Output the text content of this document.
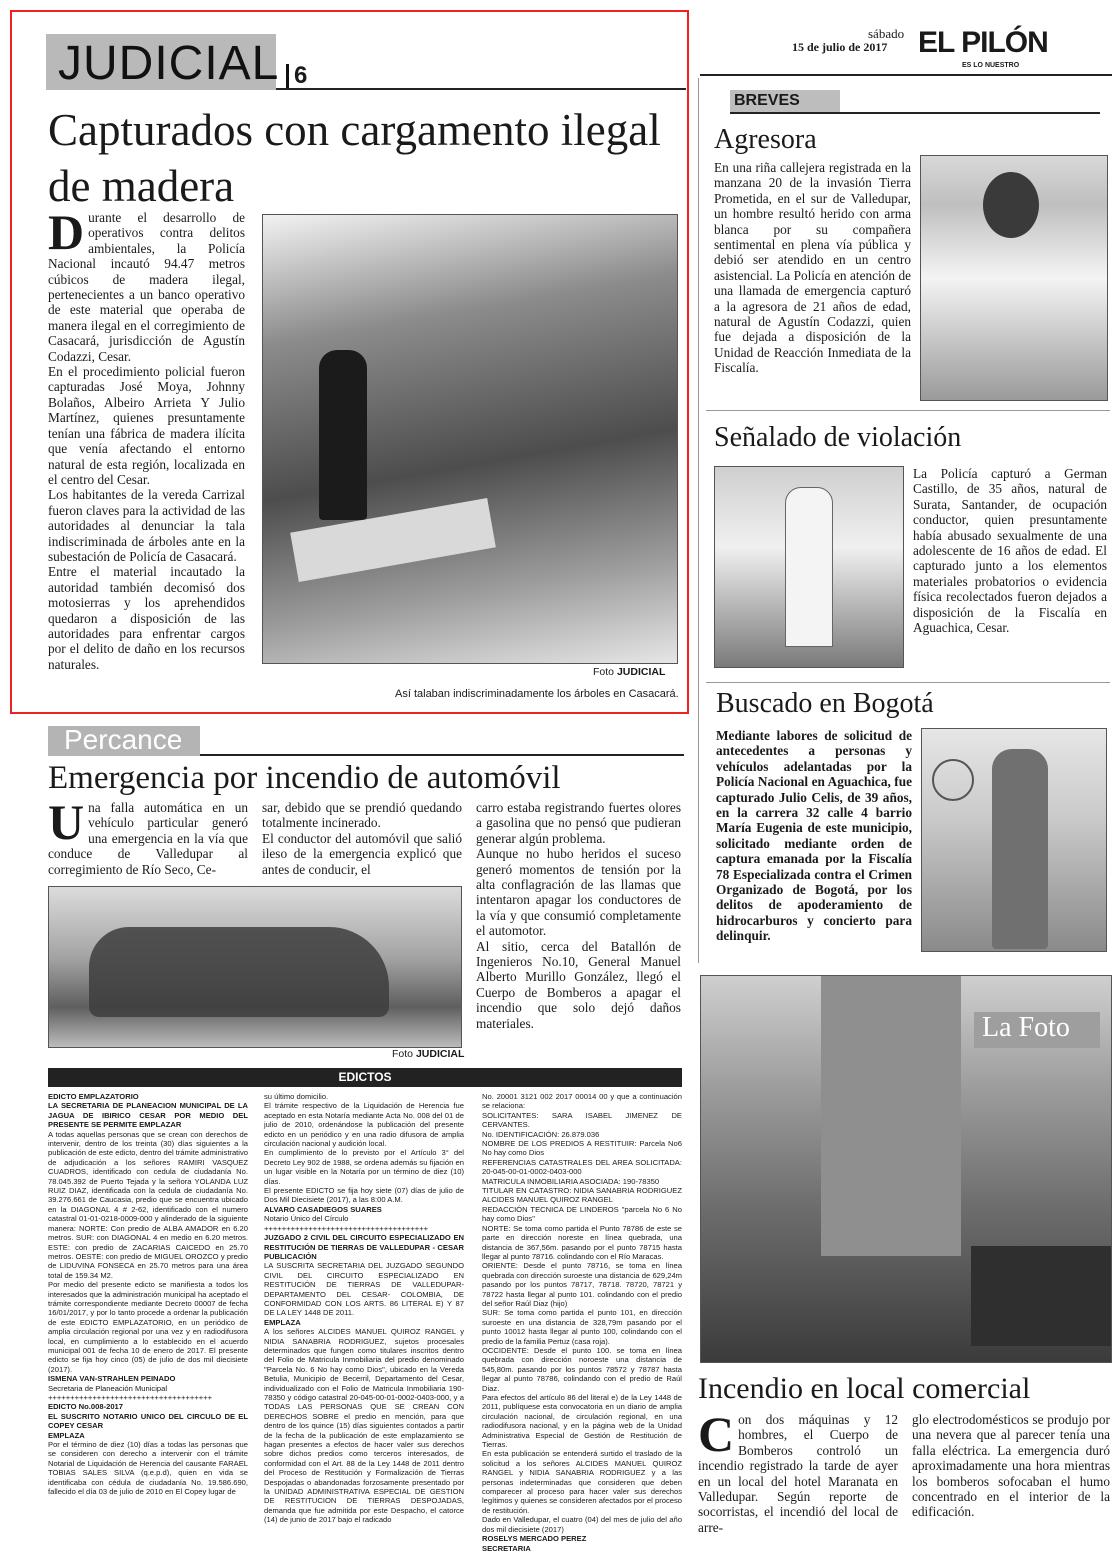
sábado
15 de julio de 2017 EL PILÓN
ES LO NUESTRO
JUDICIAL 6
Capturados con cargamento ilegal de madera

Durante el desarrollo de operativos contra delitos ambientales, la Policía Nacional incautó 94.47 metros cúbicos de madera ilegal, pertenecientes a un banco operativo de este material que operaba de manera ilegal en el corregimiento de Casacará, jurisdicción de Agustín Codazzi, Cesar.

En el procedimiento policial fueron capturadas José Moya, Johnny Bolaños, Albeiro Arrieta Y Julio Martínez, quienes presuntamente tenían una fábrica de madera ilícita que venía afectando el entorno natural de esta región, localizada en el centro del Cesar.

Los habitantes de la vereda Carrizal fueron claves para la actividad de las autoridades al denunciar la tala indiscriminada de árboles ante en la subestación de Policía de Casacará.

Entre el material incautado la autoridad también decomisó dos motosierras y los aprehendidos quedaron a disposición de las autoridades para enfrentar cargos por el delito de daño en los recursos naturales.

Foto JUDICIAL
Así talaban indiscriminadamente los árboles en Casacará.
BREVES
Agresora
En una riña callejera registrada en la manzana 20 de la invasión Tierra Prometida, en el sur de Valledupar, un hombre resultó herido con arma blanca por su compañera sentimental en plena vía pública y debió ser atendido en un centro asistencial. La Policía en atención de una llamada de emergencia capturó a la agresora de 21 años de edad, natural de Agustín Codazzi, quien fue dejada a disposición de la Unidad de Reacción Inmediata de la Fiscalía.
Señalado de violación
La Policía capturó a German Castillo, de 35 años, natural de Surata, Santander, de ocupación conductor, quien presuntamente había abusado sexualmente de una adolescente de 16 años de edad. El capturado junto a los elementos materiales probatorios o evidencia física recolectados fueron dejados a disposición de la Fiscalía en Aguachica, Cesar.
Buscado en Bogotá
Mediante labores de solicitud de antecedentes a personas y vehículos adelantadas por la Policía Nacional en Aguachica, fue capturado Julio Celis, de 39 años, en la carrera 32 calle 4 barrio María Eugenia de este municipio, solicitado mediante orden de captura emanada por la Fiscalía 78 Especializada contra el Crimen Organizado de Bogotá, por los delitos de apoderamiento de hidrocarburos y concierto para delinquir.
Percance
Emergencia por incendio de automóvil
Una falla automática en un vehículo particular generó una emergencia en la vía que conduce de Valledupar al corregimiento de Río Seco, Ce-

sar, debido que se prendió quedando totalmente incinerado.

El conductor del automóvil que salió ileso de la emergencia explicó que antes de conducir, el

carro estaba registrando fuertes olores a gasolina que no pensó que pudieran generar algún problema.

Aunque no hubo heridos el suceso generó momentos de tensión por la alta conflagración de las llamas que intentaron apagar los conductores de la vía y que consumió completamente el automotor.

Al sitio, cerca del Batallón de Ingenieros No.10, General Manuel Alberto Murillo González, llegó el Cuerpo de Bomberos a apagar el incendio que solo dejó daños materiales.

Foto JUDICIAL
EDICTOS

EDICTO EMPLAZATORIO

LA SECRETARIA DE PLANEACION MUNICIPAL DE LA JAGUA DE IBIRICO CESAR POR MEDIO DEL PRESENTE SE PERMITE EMPLAZAR

A todas aquellas personas que se crean con derechos de intervenir, dentro de los treinta (30) días siguientes a la publicación de este edicto, dentro del trámite administrativo de adjudicación a los señores RAMIRI VASQUEZ CUADROS, identificado con cedula de ciudadanía No. 78.045.392 de Puerto Tejada y la señora YOLANDA LUZ RUIZ DIAZ, identificada con la cedula de ciudadanía No. 39.276.661 de Caucasia, predio que se encuentra ubicado en la DIAGONAL 4 # 2-62, identificado con el numero catastral 01-01-0218-0009-000 y alinderado de la siguiente manera: NORTE: Con predio de ALBA AMADOR en 6.20 metros. SUR: con DIAGONAL 4 en medio en 6.20 metros. ESTE: con predio de ZACARIAS CAICEDO en 25.70 metros. OESTE: con predio de MIGUEL OROZCO y predio de LIDUVINA FONSECA en 25.70 metros para una área total de 159.34 M2.

Por medio del presente edicto se manifiesta a todos los interesados que la administración municipal ha aceptado el trámite correspondiente mediante Decreto 00007 de fecha 16/01/2017, y por lo tanto procede a ordenar la publicación de este EDICTO EMPLAZATORIO, en un periódico de amplia circulación regional por una vez y en radiodifusora local, en cumplimiento a lo establecido en el acuerdo municipal 001 de fecha 10 de enero de 2017. El presente edicto se fija hoy cinco (05) de julio de dos mil diecisiete (2017).

ISMENA VAN-STRAHLEN PEINADO

Secretaria de Planeación Municipal

+++++++++++++++++++++++++++++++++++++

EDICTO No.008-2017

EL SUSCRITO NOTARIO UNICO DEL CIRCULO DE EL COPEY CESAR

EMPLAZA

Por el término de diez (10) días a todas las personas que se consideren con derecho a intervenir con el trámite Notarial de Liquidación de Herencia del causante FARAEL TOBIAS SALES SILVA (q.e.p.d), quien en vida se identificaba con cédula de ciudadanía No. 19.586.690, fallecido el día 03 de julio de 2010 en El Copey lugar de

su último domicilio.

El trámite respectivo de la Liquidación de Herencia fue aceptado en esta Notaría mediante Acta No. 008 del 01 de julio de 2010, ordenándose la publicación del presente edicto en un periódico y en una radio difusora de amplia circulación nacional y audición local.

En cumplimiento de lo previsto por el Artículo 3° del Decreto Ley 902 de 1988, se ordena además su fijación en un lugar visible en la Notaría por un término de diez (10) días.

El presente EDICTO se fija hoy siete (07) días de julio de Dos Mil Diecisiete (2017), a las 8:00 A.M.

ALVARO CASADIEGOS SUARES

Notario Único del Círculo

+++++++++++++++++++++++++++++++++++++

JUZGADO 2 CIVIL DEL CIRCUITO ESPECIALIZADO EN RESTITUCIÓN DE TIERRAS DE VALLEDUPAR - CESAR PUBLICACIÓN

LA SUSCRITA SECRETARIA DEL JUZGADO SEGUNDO CIVIL DEL CIRCUITO ESPECIALIZADO EN RESTITUCIÓN DE TIERRAS DE VALLEDUPAR- DEPARTAMENTO DEL CESAR- COLOMBIA, DE CONFORMIDAD CON LOS ARTS. 86 LITERAL E) Y 87 DE LA LEY 1448 DE 2011.

EMPLAZA

A los señores ALCIDES MANUEL QUIROZ RANGEL y NIDIA SANABRIA RODRIGUEZ, sujetos procesales determinados que fungen como titulares inscritos dentro del Folio de Matricula Inmobiliaria del predio denominado "Parcela No. 6 No hay como Dios", ubicado en la Vereda Betulia, Municipio de Becerril, Departamento del Cesar, individualizado con el Folio de Matricula Inmobiliaria 190- 78350 y código catastral 20-045-00-01-0002-0403-000, y a TODAS LAS PERSONAS QUE SE CREAN CON DERECHOS SOBRE el predio en mención, para que dentro de los quince (15) días siguientes contados a partir de la fecha de la publicación de este emplazamiento se hagan presentes a efectos de hacer valer sus derechos sobre dichos predios como terceros interesados, de conformidad con el Art. 88 de la Ley 1448 de 2011 dentro del Proceso de Restitución y Formalización de Tierras Despojadas o abandonadas forzosamente presentado por la UNIDAD ADMINISTRATIVA ESPECIAL DE GESTION DE RESTITUCION DE TIERRAS DESPOJADAS, demanda que fue admitida por este Despacho, el catorce (14) de junio de 2017 bajo el radicado

No. 20001 3121 002 2017 00014 00 y que a continuación se relaciona:

SOLICITANTES: SARA ISABEL JIMENEZ DE CERVANTES.

No. IDENTIFICACIÓN: 26.879.036

NOMBRE DE LOS PREDIOS A RESTITUIR: Parcela No6 No hay como Dios

REFERENCIAS CATASTRALES DEL AREA SOLICITADA: 20-045-00-01-0002-0403-000

MATRICULA INMOBILIARIA ASOCIADA: 190-78350

TITULAR EN CATASTRO: NIDIA SANABRIA RODRIGUEZ ALCIDES MANUEL QUIROZ RANGEL

REDACCIÓN TECNICA DE LINDEROS "parcela No 6 No hay como Dios"

NORTE: Se toma como partida el Punto 78786 de este se parte en dirección noreste en línea quebrada, una distancia de 367,56m. pasando por el punto 78715 hasta llegar al punto 78716. colindando con el Río Maracas.

ORIENTE: Desde el punto 78716, se toma en línea quebrada con dirección suroeste una distancia de 629,24m pasando por los puntos 78717, 78718. 78720, 78721 y 78722 hasta llegar al punto 101. colindando con el predio del señor Raúl Diaz (hijo)

SUR: Se toma como partida el punto 101, en dirección suroeste en una distancia de 328,79m pasando por el punto 10012 hasta llegar al punto 100, colindando con el predio de la familia Pertuz (casa roja).

OCCIDENTE: Desde el punto 100. se toma en línea quebrada con dirección noroeste una distancia de 545,80m. pasando por los puntos 78572 y 78787 hasta llegar al punto 78786, colindando con el predio de Raúl Diaz.

Para efectos del artículo 86 del literal e) de la Ley 1448 de 2011, publíquese esta convocatoria en un diario de amplia circulación nacional, de circulación regional, en una radiodifusora nacional, y en la página web de la Unidad Administrativa Especial de Gestión de Restitución de Tierras.

En esta publicación se entenderá surtido el traslado de la solicitud a los señores ALCIDES MANUEL QUIROZ RANGEL y NIDIA SANABRIA RODRIGUEZ y a las personas indeterminadas que consideren que deben comparecer al proceso para hacer valer sus derechos legítimos y quienes se consideren afectados por el proceso de restitución.

Dado en Valledupar, el cuatro (04) del mes de julio del año dos mil diecisiete (2017)

ROSELYS MERCADO PEREZ

SECRETARIA

La Foto
Incendio en local comercial
Con dos máquinas y 12 hombres, el Cuerpo de Bomberos controló un incendio registrado la tarde de ayer en un local del hotel Maranata en Valledupar. Según reporte de socorristas, el incendió del local de arre-
glo electrodomésticos se produjo por una nevera que al parecer tenía una falla eléctrica. La emergencia duró aproximadamente una hora mientras los bomberos sofocaban el humo concentrado en el interior de la edificación.
